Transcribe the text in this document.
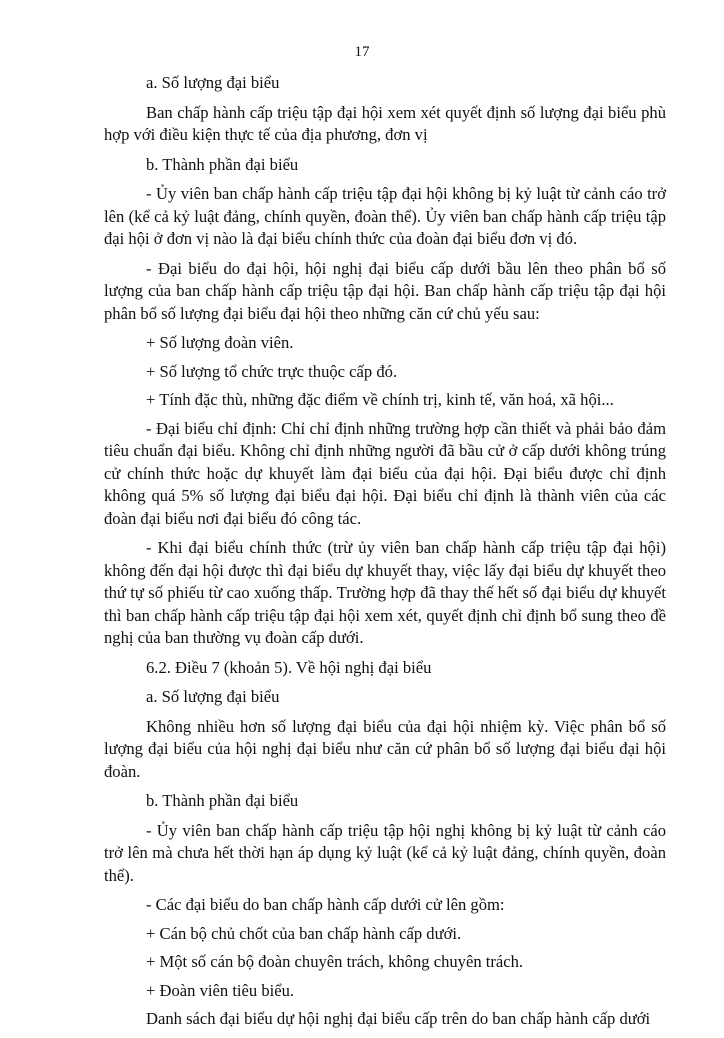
17

a. Số lượng đại biểu

Ban chấp hành cấp triệu tập đại hội xem xét quyết định số lượng đại biểu phù hợp với điều kiện thực tế của địa phương, đơn vị

b. Thành phần đại biểu

- Ủy viên ban chấp hành cấp triệu tập đại hội không bị kỷ luật từ cảnh cáo trở lên (kể cả kỷ luật đảng, chính quyền, đoàn thể). Ủy viên ban chấp hành cấp triệu tập đại hội ở đơn vị nào là đại biểu chính thức của đoàn đại biểu đơn vị đó.

- Đại biểu do đại hội, hội nghị đại biểu cấp dưới bầu lên theo phân bổ số lượng của ban chấp hành cấp triệu tập đại hội. Ban chấp hành cấp triệu tập đại hội phân bổ số lượng đại biểu đại hội theo những căn cứ chủ yếu sau:

+ Số lượng đoàn viên.

+ Số lượng tổ chức trực thuộc cấp đó.

+ Tính đặc thù, những đặc điểm về chính trị, kinh tế, văn hoá, xã hội...

- Đại biểu chỉ định: Chỉ chỉ định những trường hợp cần thiết và phải bảo đảm tiêu chuẩn đại biểu. Không chỉ định những người đã bầu cử ở cấp dưới không trúng cử chính thức hoặc dự khuyết làm đại biểu của đại hội. Đại biểu được chỉ định không quá 5% số lượng đại biểu đại hội. Đại biểu chỉ định là thành viên của các đoàn đại biểu nơi đại biểu đó công tác.

- Khi đại biểu chính thức (trừ ủy viên ban chấp hành cấp triệu tập đại hội) không đến đại hội được thì đại biểu dự khuyết thay, việc lấy đại biểu dự khuyết theo thứ tự số phiếu từ cao xuống thấp. Trường hợp đã thay thế hết số đại biểu dự khuyết thì ban chấp hành cấp triệu tập đại hội xem xét, quyết định chỉ định bổ sung theo đề nghị của ban thường vụ đoàn cấp dưới.

6.2. Điều 7 (khoản 5). Về hội nghị đại biểu

a. Số lượng đại biểu

Không nhiều hơn số lượng đại biểu của đại hội nhiệm kỳ. Việc phân bổ số lượng đại biểu của hội nghị đại biểu như căn cứ phân bổ số lượng đại biểu đại hội đoàn.

b. Thành phần đại biểu

- Ủy viên ban chấp hành cấp triệu tập hội nghị không bị kỷ luật từ cảnh cáo trở lên mà chưa hết thời hạn áp dụng kỷ luật (kể cả kỷ luật đảng, chính quyền, đoàn thể).

- Các đại biểu do ban chấp hành cấp dưới cử lên gồm:

+ Cán bộ chủ chốt của ban chấp hành cấp dưới.

+ Một số cán bộ đoàn chuyên trách, không chuyên trách.

+ Đoàn viên tiêu biểu.

Danh sách đại biểu dự hội nghị đại biểu cấp trên do ban chấp hành cấp dưới
